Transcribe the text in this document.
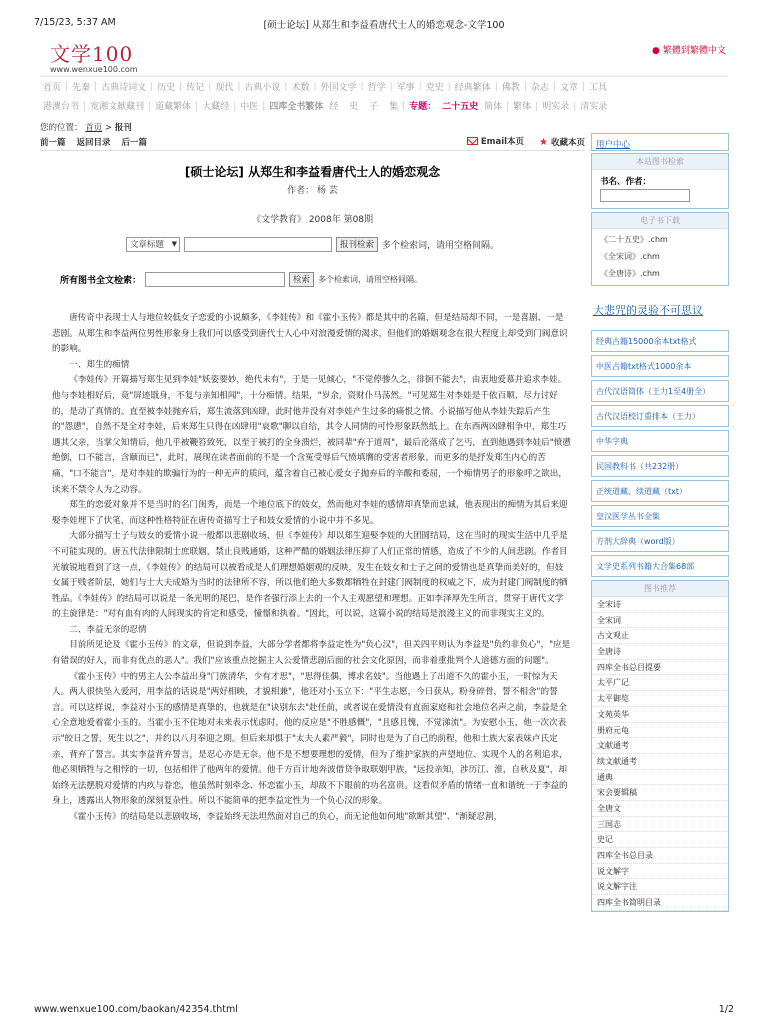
7/15/23, 5:37 AM	[硕士论坛] 从郑生和李益看唐代士人的婚恋观念-文学100
文学100
www.wenxue100.com
● 繁體到繁體中文
首页 | 先秦 | 古典诗词文 | 历史 | 传记 | 现代 | 古典小说 | 术数 | 外国文学 | 哲学 | 军事 | 党史 | 经典繁体 | 佛教 | 杂志 | 文章 | 工具
港澳台书 | 宽湘文献藏刊 | 道藏繁体 | 大藏经 | 中医 | 四库全书繁体 经 史 子 集 | 专题： 二十五史 简体 | 繁体 | 明实录 | 清实录
您的位置： 首页 > 报刊
前一篇 返回目录 后一篇	Email本页
★ 收藏本页
[硕士论坛] 从郑生和李益看唐代士人的婚恋观念
作者： 杨 芸
《文学教育》 2008年 第08期
文章标题 ▼	报刊检索 多个检索词，请用空格间隔。
所有图书全文检索：	检索	多个检索词，请用空格间隔。

唐传奇中表现士人与地位较低女子恋爱的小说颇多，《李娃传》和《霍小玉传》都是其中的名篇，但是结局却不同，一是喜剧、一是悲剧。从郑生和李益两位男性形象身上我们可以感受到唐代士人心中对浪漫爱情的渴求，但他们的婚姻观念在很大程度上却受到门阀意识的影响。

一、郑生的痴情

《李娃传》开篇描写郑生见到李娃"妖姿要妙，绝代未有"，于是一见倾心，"不觉停骖久之，徘徊不能去"，由衷地爱慕并追求李娃。他与李娃相好后，竟"屏迹戢身，不复与亲知相闻"，十分痴情。结果，"岁余，资财仆马荡然。"可见郑生对李娃是千依百顺、尽力讨好的，是动了真情的。直至被李娃抛弃后，郑生流落到凶肆，此时他并没有对李娃产生过多的痛恨之情。小说描写他从李娃失踪后产生的"怨懑"，自然不是全对李娃，后来郑生只得在凶肆用"哀歌"聊以自给，其令人同情的可怜形象跃然纸上。在东西两凶肆相争中，郑生巧遇其父亲，当掌父知情后，他几乎被鞭笞致死，以至于被打的全身溃烂，被同辈"弃于道周"，最后沦落成了乞丐，直到他遇到李娃后"愤懑绝倒，口不能言，含颐而已"，此时，展现在读者面前的不是一个含冤受辱后气愤填膺的受害者形象，而更多的是抒发郑生内心的苦痛，"口不能言"，是对李娃的欺骗行为的一种无声的质问，蕴含着自己被心爱女子抛弃后的辛酸和委屈，一个痴情男子的形象呼之欲出，读来不禁令人为之动容。

郑生的恋爱对象并不是当时的名门闺秀，而是一个地位底下的妓女，然而他对李娃的感情却真挚而忠诚，他表现出的痴情为其后来迎娶李娃埋下了伏笔，而这种性格特征在唐传奇描写士子和妓女爱情的小说中并不多见。

大部分描写士子与妓女的爱情小说一般都以悲剧收场，但《李娃传》却以郑生迎娶李娃的大团圆结局，这在当时的现实生活中几乎是不可能实现的。唐五代法律限制士庶联姻，禁止良贱通婚，这种严酷的婚姻法律压抑了人们正常的情感，造成了不少的人间悲剧。作者目光敏锐地看到了这一点，《李娃传》的结局可以被看成是人们理想婚姻观的反映，发生在妓女和士子之间的爱情也是真挚而美好的，但妓女属于贱者阶层，她们与士大夫成婚为当时的法律所不容，所以他们绝大多数都牺牲在封建门阀制度的权威之下，成为封建门阀制度的牺牲品。《李娃传》的结局可以说是一条光明的尾巴，是作者强行添上去的一个人主观愿望和理想。正如李泽厚先生所言，贯穿于唐代文学的主旋律是："对有血有肉的人间现实的肯定和感受，憧憬和执着。"因此，可以说，这篇小说的结局是浪漫主义的而非现实主义的。

二、李益无奈的忍情

目前所见论及《霍小玉传》的文章，但说到李益，大部分学者都将李益定性为"负心汉"，但关四平则认为李益是"负约非负心"，"应是有错误的好人，而非有优点的恶人"。我们"应该重点挖掘主人公爱情悲剧后面的社会文化原因，而非着重批判个人道德方面的问题"。

《霍小玉传》中的男主人公李益出身"门族清华，少有才思"，"思得佳偶，博求名妓"。当他遇上了出道不久的霍小玉，一时惊为天人。两人很快坠入爱河，用李益的话说是"两好相映，才貌相兼"，他还对小玉立下："平生志愿，今日获从，粉身碎骨，誓不相舍"的誓言。可以这样说，李益对小玉的感情是真挚的，也就是在"诀别东去"赴任前，或者说在爱情没有直面家庭和社会地位名声之前，李益是全心全意地爱着霍小玉的。当霍小玉不住地对未来表示忧虑时，他的反应是"不胜感慨"，"且感且愧，不觉涕流"。为安慰小玉，他一次次表示"皎日之誓，死生以之"，并约以八月奉迎之期。但后来却惧于"太夫人素严毅"，同时也是为了自己的前程，他和士族大家表妹卢氏定亲，背弃了誓言。其实李益背弃誓言，是忍心亦是无奈。他不是不想要理想的爱情，但为了维护家族的声望地位、实现个人的名利追求，他必须牺牲与之相悖的一切，包括相伴了他两年的爱情。他千方百计地奔波借贷争取联姻甲族，"远投亲知，涉历江、淮，自秋及夏"，却始终无法摆脱对爱情的内疚与眷恋，他虽然时刻牵念、怀恋霍小玉，却敌不下眼前的功名富贵。这看似矛盾的情绪一直和谐统一于李益的身上，透露出人物形象的深刻复杂性。所以不能简单的把李益定性为一个负心汉的形象。

《霍小玉传》的结局是以悲剧收场，李益始终无法坦然面对自己的负心，而无论他如何地"欲断其望"、"渐疑忍割，

用户中心
本站图书检索
书名、作者：
电子书下载
《二十五史》.chm
《全宋词》.chm
《全唐诗》.chm
大悲咒的灵验不可思议
经典古籍15000余本txt格式
中医古籍txt格式1000余本
古代汉语简体（王力1至4册全）
古代汉语校订重排本（王力）
中华字典
民国教科书（共232册）
正统道藏、续道藏（txt）
皇汉医学丛书全集
方剂大辞典（word版）
文学史系列书籍大合集68部
图书推荐
全宋诗
全宋词
古文观止
全唐诗
四库全书总目提要
太平广记
太平御览
文苑英华
册府元龟
文献通考
续文献通考
通典
宋会要辑稿
全唐文
三国志
史记
四库全书总目录
说文解字
说文解字注
四库全书简明目录
www.wenxue100.com/baokan/42354.thtml	1/2
